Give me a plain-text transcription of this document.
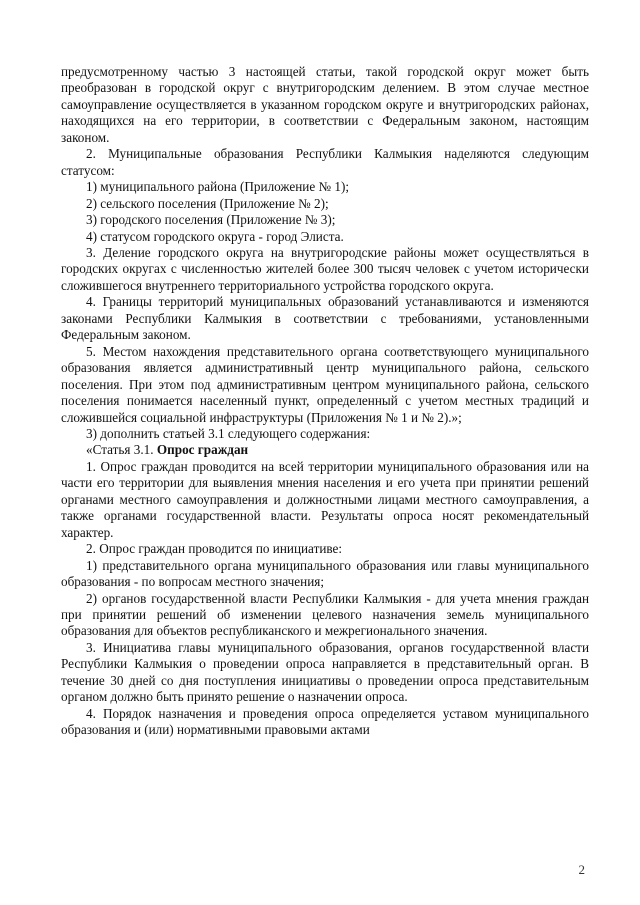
предусмотренному частью 3 настоящей статьи, такой городской округ может быть преобразован в городской округ с внутригородским делением. В этом случае местное самоуправление осуществляется в указанном городском округе и внутригородских районах, находящихся на его территории, в соответствии с Федеральным законом, настоящим законом.

2. Муниципальные образования Республики Калмыкия наделяются следующим статусом:

1) муниципального района (Приложение № 1);

2) сельского поселения (Приложение № 2);

3) городского поселения (Приложение № 3);

4) статусом городского округа - город Элиста.

3. Деление городского округа на внутригородские районы может осуществляться в городских округах с численностью жителей более 300 тысяч человек с учетом исторически сложившегося внутреннего территориального устройства городского округа.

4. Границы территорий муниципальных образований устанавливаются и изменяются законами Республики Калмыкия в соответствии с требованиями, установленными Федеральным законом.

5. Местом нахождения представительного органа соответствующего муниципального образования является административный центр муниципального района, сельского поселения. При этом под административным центром муниципального района, сельского поселения понимается населенный пункт, определенный с учетом местных традиций и сложившейся социальной инфраструктуры (Приложения № 1 и № 2).»;

3) дополнить статьей 3.1 следующего содержания:

«Статья 3.1. Опрос граждан

1. Опрос граждан проводится на всей территории муниципального образования или на части его территории для выявления мнения населения и его учета при принятии решений органами местного самоуправления и должностными лицами местного самоуправления, а также органами государственной власти. Результаты опроса носят рекомендательный характер.

2. Опрос граждан проводится по инициативе:

1) представительного органа муниципального образования или главы муниципального образования - по вопросам местного значения;

2) органов государственной власти Республики Калмыкия - для учета мнения граждан при принятии решений об изменении целевого назначения земель муниципального образования для объектов республиканского и межрегионального значения.

3. Инициатива главы муниципального образования, органов государственной власти Республики Калмыкия о проведении опроса направляется в представительный орган. В течение 30 дней со дня поступления инициативы о проведении опроса представительным органом должно быть принято решение о назначении опроса.

4. Порядок назначения и проведения опроса определяется уставом муниципального образования и (или) нормативными правовыми актами

2
